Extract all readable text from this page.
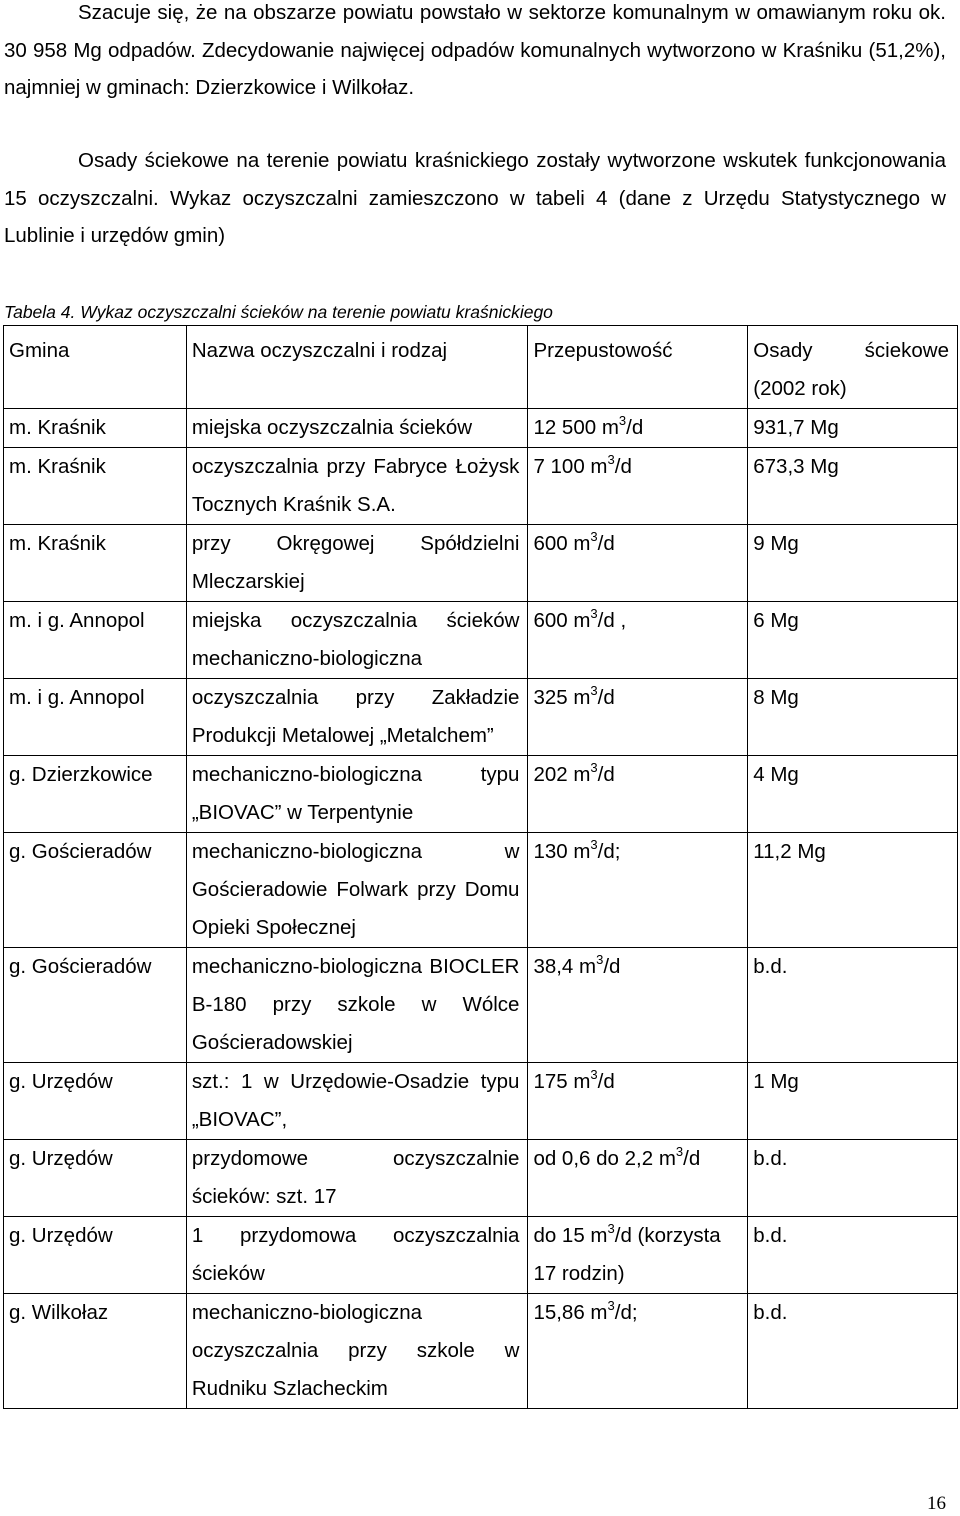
Szacuje się, że na obszarze powiatu powstało w sektorze komunalnym w omawianym roku ok. 30 958 Mg odpadów. Zdecydowanie najwięcej odpadów komunalnych wytworzono w Kraśniku (51,2%), najmniej w gminach: Dzierzkowice i Wilkołaz.

Osady ściekowe na terenie powiatu kraśnickiego zostały wytworzone wskutek funkcjonowania 15 oczyszczalni. Wykaz oczyszczalni zamieszczono w tabeli 4 (dane z Urzędu Statystycznego w Lublinie i urzędów gmin)

Tabela 4. Wykaz oczyszczalni ścieków na terenie powiatu kraśnickiego

Gmina	Nazwa oczyszczalni i rodzaj	Przepustowość	Osady ściekowe (2002 rok)
m. Kraśnik	miejska oczyszczalnia ścieków	12 500 $m^3/d$	931,7 Mg
m. Kraśnik	oczyszczalnia przy Fabryce Łożysk Tocznych Kraśnik S.A.	7 100 $m^3/d$	673,3 Mg
m. Kraśnik	przy Okręgowej Spółdzielni Mleczarskiej	600 $m^3/d$	9 Mg
m. i g. Annopol	miejska oczyszczalnia ścieków mechaniczno-biologiczna	600 $m^3/d$ ,	6 Mg
m. i g. Annopol	oczyszczalnia przy Zakładzie Produkcji Metalowej „Metalchem”	325 $m^3/d$	8 Mg
g. Dzierzkowice	mechaniczno-biologiczna typu „BIOVAC” w Terpentynie	202 $m^3/d$	4 Mg
g. Gościeradów	mechaniczno-biologiczna w Gościeradowie Folwark przy Domu Opieki Społecznej	130 $m^3/d$;	11,2 Mg
g. Gościeradów	mechaniczno-biologiczna BIOCLER B-180 przy szkole w Wólce Gościeradowskiej	38,4 $m^3/d$	b.d.
g. Urzędów	szt.: 1 w Urzędowie-Osadzie typu „BIOVAC”,	175 $m^3/d$	1 Mg
g. Urzędów	przydomowe oczyszczalnie ścieków: szt. 17	od 0,6 do 2,2 $m^3/d$	b.d.
g. Urzędów	1 przydomowa oczyszczalnia ścieków	do 15 $m^3/d$ (korzysta 17 rodzin)	b.d.
g. Wilkołaz	mechaniczno-biologiczna oczyszczalnia przy szkole w Rudniku Szlacheckim	15,86 $m^3/d$;	b.d.

16
